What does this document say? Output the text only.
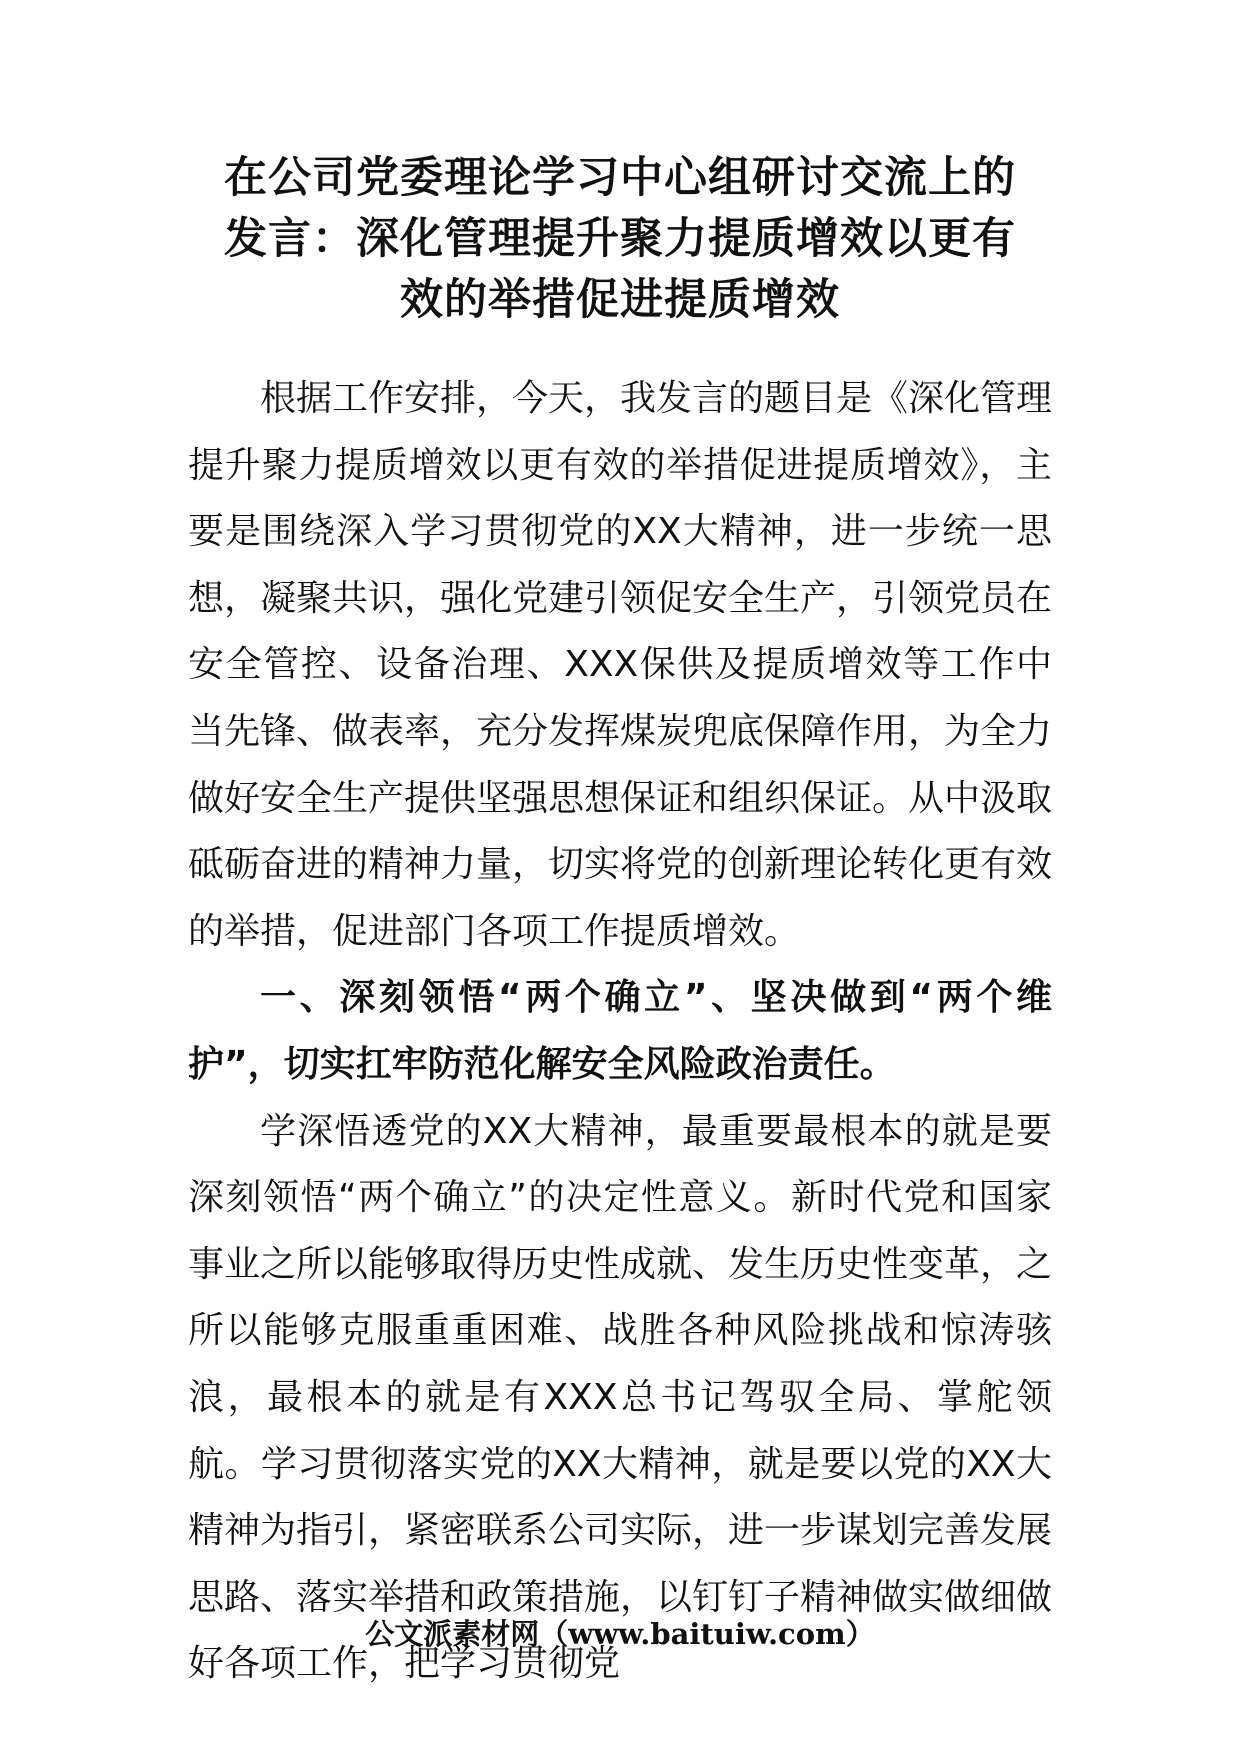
在公司党委理论学习中心组研讨交流上的
发言：深化管理提升聚力提质增效以更有
效的举措促进提质增效

根据工作安排，今天，我发言的题目是《深化管理提升聚力提质增效以更有效的举措促进提质增效》，主要是围绕深入学习贯彻党的XX大精神，进一步统一思想，凝聚共识，强化党建引领促安全生产，引领党员在安全管控、设备治理、XXX保供及提质增效等工作中当先锋、做表率，充分发挥煤炭兜底保障作用，为全力做好安全生产提供坚强思想保证和组织保证。从中汲取砥砺奋进的精神力量，切实将党的创新理论转化更有效的举措，促进部门各项工作提质增效。

一、深刻领悟“两个确立”、坚决做到“两个维护”，切实扛牢防范化解安全风险政治责任。

学深悟透党的XX大精神，最重要最根本的就是要深刻领悟“两个确立”的决定性意义。新时代党和国家事业之所以能够取得历史性成就、发生历史性变革，之所以能够克服重重困难、战胜各种风险挑战和惊涛骇浪，最根本的就是有XXX总书记驾驭全局、掌舵领航。学习贯彻落实党的XX大精神，就是要以党的XX大精神为指引，紧密联系公司实际，进一步谋划完善发展思路、落实举措和政策措施，以钉钉子精神做实做细做好各项工作，把学习贯彻党

公文派素材网（www.baituiw.com）
